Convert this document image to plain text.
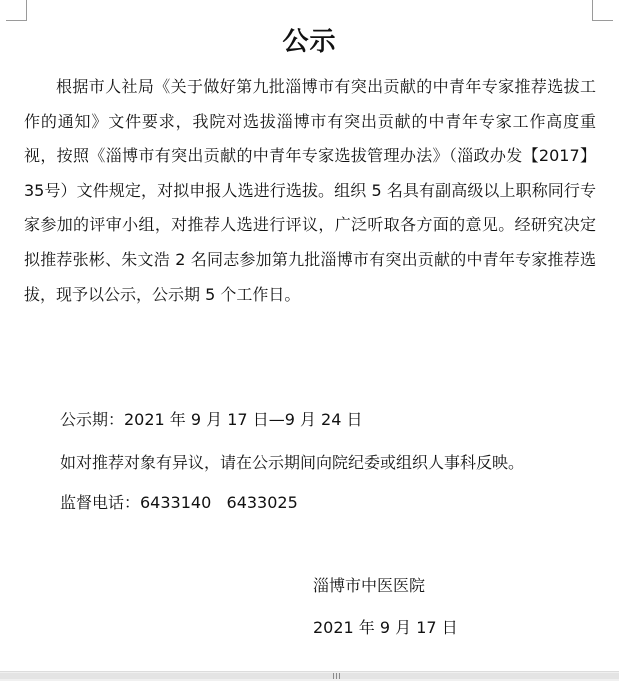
公示

根据市人社局《关于做好第九批淄博市有突出贡献的中青年专家推荐选拔工作的通知》文件要求，我院对选拔淄博市有突出贡献的中青年专家工作高度重视，按照《淄博市有突出贡献的中青年专家选拔管理办法》（淄政办发【2017】35号）文件规定，对拟申报人选进行选拔。组织 5 名具有副高级以上职称同行专家参加的评审小组，对推荐人选进行评议，广泛听取各方面的意见。经研究决定拟推荐张彬、朱文浩 2 名同志参加第九批淄博市有突出贡献的中青年专家推荐选拔，现予以公示，公示期 5 个工作日。

公示期：2021 年 9 月 17 日—9 月 24 日
如对推荐对象有异议，请在公示期间向院纪委或组织人事科反映。
监督电话：6433140   6433025
淄博市中医医院
2021 年 9 月 17 日
